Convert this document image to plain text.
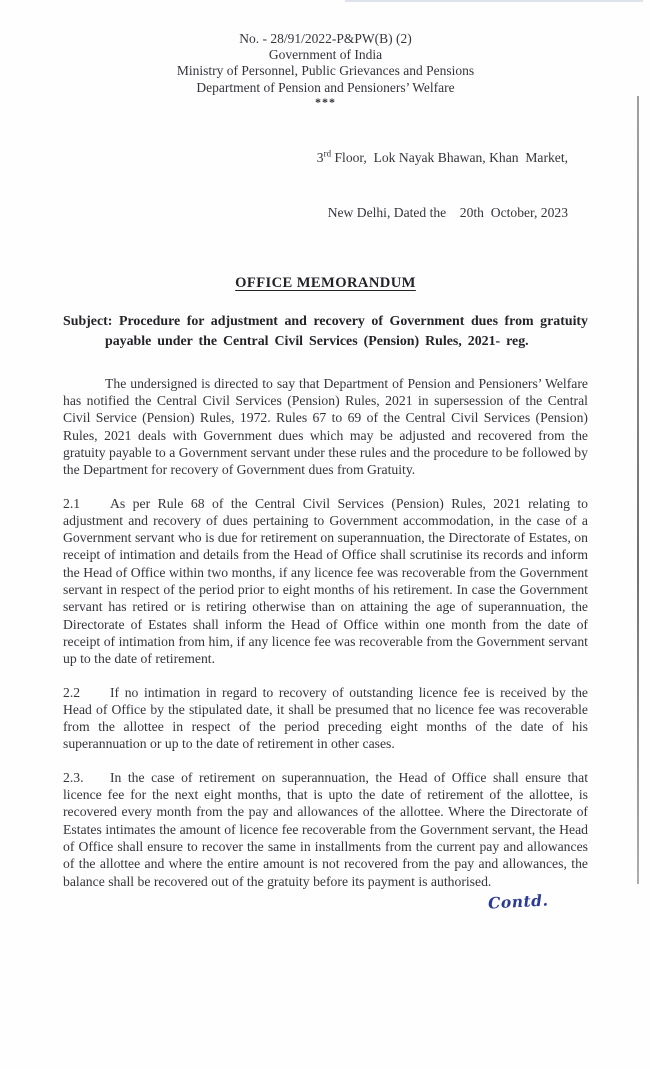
No. - 28/91/2022-P&PW(B) (2)
Government of India
Ministry of Personnel, Public Grievances and Pensions
Department of Pension and Pensioners’ Welfare
***

3rd Floor,  Lok Nayak Bhawan, Khan  Market,

New Delhi, Dated the    20th  October, 2023

OFFICE MEMORANDUM
Subject: Procedure for adjustment and recovery of Government dues from gratuity payable under the Central Civil Services (Pension) Rules, 2021- reg.

The undersigned is directed to say that Department of Pension and Pensioners’ Welfare has notified the Central Civil Services (Pension) Rules, 2021 in supersession of the Central Civil Service (Pension) Rules, 1972. Rules 67 to 69 of the Central Civil Services (Pension) Rules, 2021 deals with Government dues which may be adjusted and recovered from the gratuity payable to a Government servant under these rules and the procedure to be followed by the Department for recovery of Government dues from Gratuity.

2.1 As per Rule 68 of the Central Civil Services (Pension) Rules, 2021 relating to adjustment and recovery of dues pertaining to Government accommodation, in the case of a Government servant who is due for retirement on superannuation, the Directorate of Estates, on receipt of intimation and details from the Head of Office shall scrutinise its records and inform the Head of Office within two months, if any licence fee was recoverable from the Government servant in respect of the period prior to eight months of his retirement. In case the Government servant has retired or is retiring otherwise than on attaining the age of superannuation, the Directorate of Estates shall inform the Head of Office within one month from the date of receipt of intimation from him, if any licence fee was recoverable from the Government servant up to the date of retirement.

2.2 If no intimation in regard to recovery of outstanding licence fee is received by the Head of Office by the stipulated date, it shall be presumed that no licence fee was recoverable from the allottee in respect of the period preceding eight months of the date of his superannuation or up to the date of retirement in other cases.

2.3. In the case of retirement on superannuation, the Head of Office shall ensure that licence fee for the next eight months, that is upto the date of retirement of the allottee, is recovered every month from the pay and allowances of the allottee. Where the Directorate of Estates intimates the amount of licence fee recoverable from the Government servant, the Head of Office shall ensure to recover the same in installments from the current pay and allowances of the allottee and where the entire amount is not recovered from the pay and allowances, the balance shall be recovered out of the gratuity before its payment is authorised.

Contd.
